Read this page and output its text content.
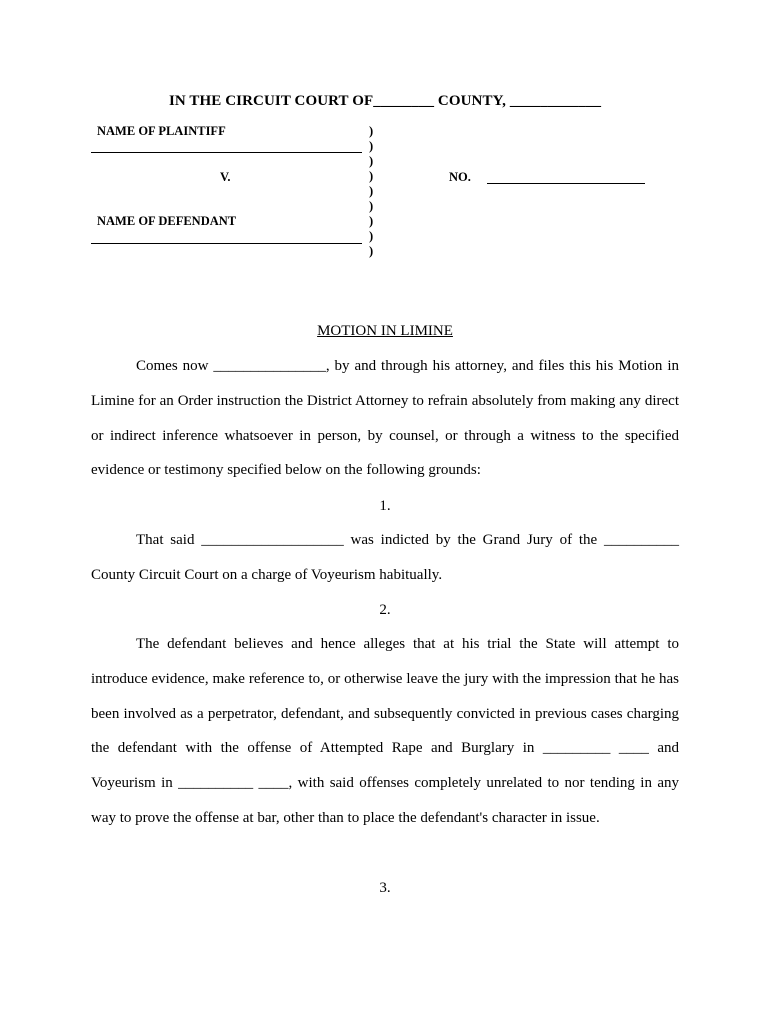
IN THE CIRCUIT COURT OF________ COUNTY, ____________
NAME OF PLAINTIFF
V.
NAME OF DEFENDANT
)
)
)
)
)
)
)
)
)
NO.
MOTION IN LIMINE
Comes now _______________, by and through his attorney, and files this his Motion in Limine for an Order instruction the District Attorney to refrain absolutely from making any direct or indirect inference whatsoever in person, by counsel, or through a witness to the specified evidence or testimony specified below on the following grounds:
1.
That said ___________________ was indicted by the Grand Jury of the __________ County Circuit Court on a charge of Voyeurism habitually.
2.
The defendant believes and hence alleges that at his trial the State will attempt to introduce evidence, make reference to, or otherwise leave the jury with the impression that he has been involved as a perpetrator, defendant, and subsequently convicted in previous cases charging the defendant with the offense of Attempted Rape and Burglary in _________ ____ and Voyeurism in __________ ____, with said offenses completely unrelated to nor tending in any way to prove the offense at bar, other than to place the defendant's character in issue.
3.
